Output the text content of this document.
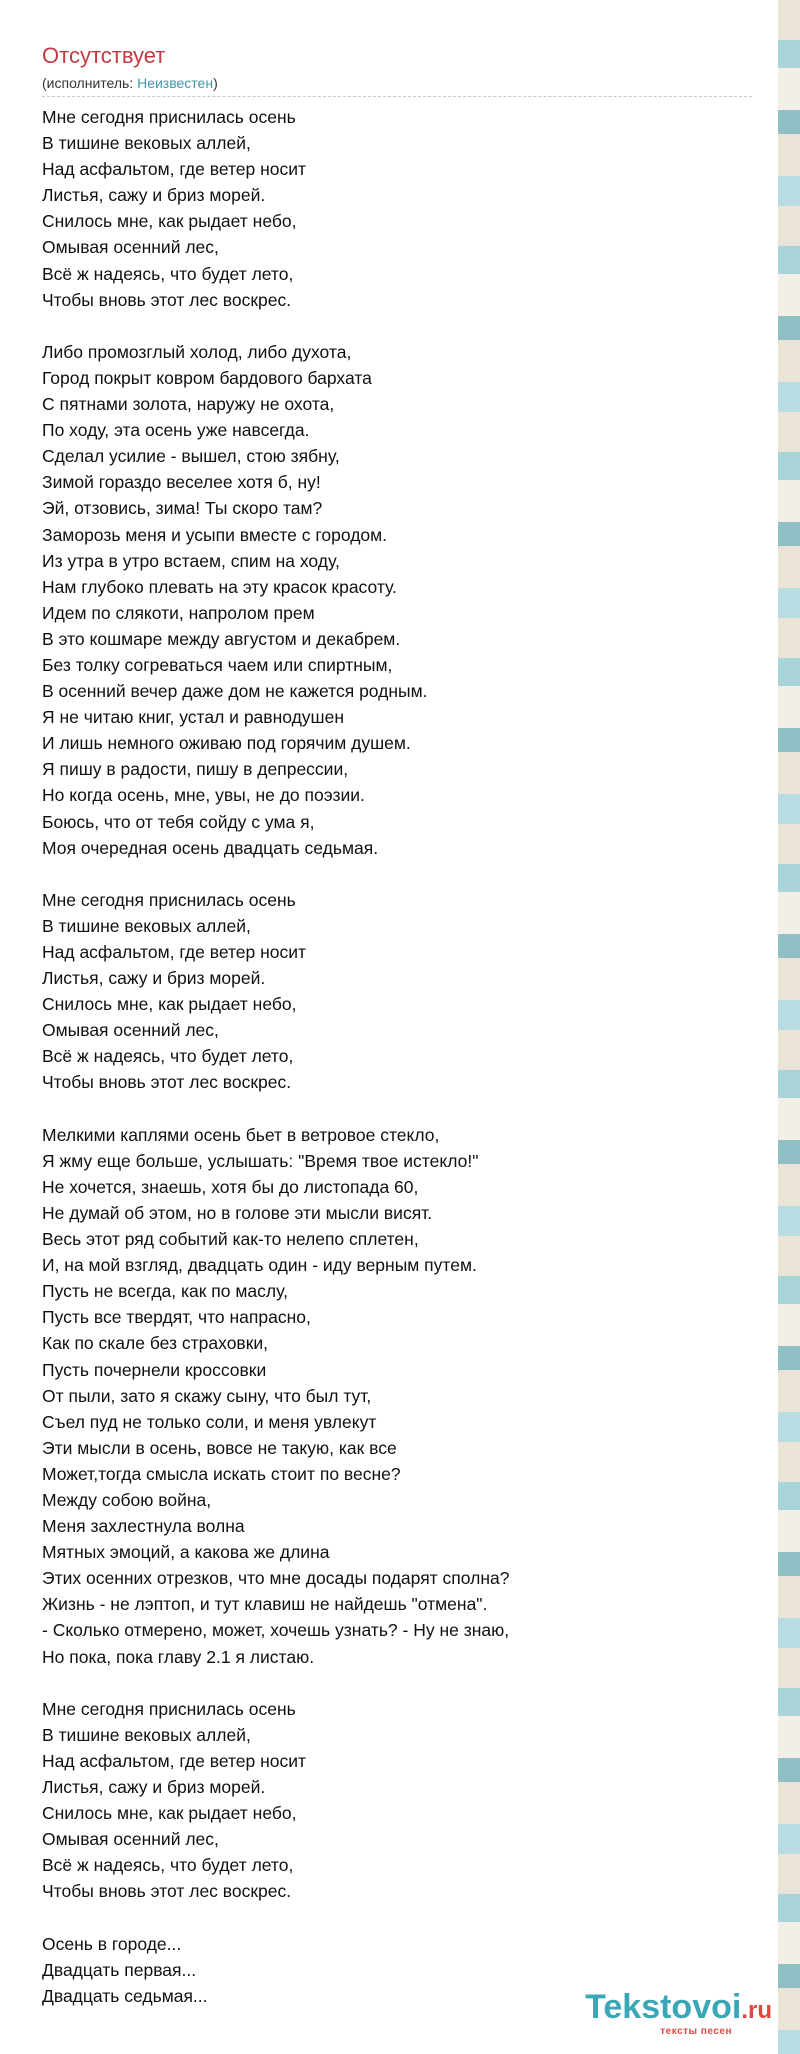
Отсутствует
(исполнитель: Неизвестен)
Мне сегодня приснилась осень
В тишине вековых аллей,
Над асфальтом, где ветер носит
Листья, сажу и бриз морей.
Снилось мне, как рыдает небо,
Омывая осенний лес,
Всё ж надеясь, что будет лето,
Чтобы вновь этот лес воскрес.

Либо промозглый холод, либо духота,
Город покрыт ковром бардового бархата
С пятнами золота, наружу не охота,
По ходу, эта осень уже навсегда.
Сделал усилие - вышел, стою зябну,
Зимой гораздо веселее хотя б, ну!
Эй, отзовись, зима! Ты скоро там?
Заморозь меня и усыпи вместе с городом.
Из утра в утро встаем, спим на ходу,
Нам глубоко плевать на эту красок красоту.
Идем по слякоти, напролом прем
В это кошмаре между августом и декабрем.
Без толку согреваться чаем или спиртным,
В осенний вечер даже дом не кажется родным.
Я не читаю книг, устал и равнодушен
И лишь немного оживаю под горячим душем.
Я пишу в радости, пишу в депрессии,
Но когда осень, мне, увы, не до поэзии.
Боюсь, что от тебя сойду с ума я,
Моя очередная осень двадцать седьмая.

Мне сегодня приснилась осень
В тишине вековых аллей,
Над асфальтом, где ветер носит
Листья, сажу и бриз морей.
Снилось мне, как рыдает небо,
Омывая осенний лес,
Всё ж надеясь, что будет лето,
Чтобы вновь этот лес воскрес.

Мелкими каплями осень бьет в ветровое стекло,
Я жму еще больше, услышать: "Время твое истекло!"
Не хочется, знаешь, хотя бы до листопада 60,
Не думай об этом, но в голове эти мысли висят.
Весь этот ряд событий как-то нелепо сплетен,
И, на мой взгляд, двадцать один - иду верным путем.
Пусть не всегда, как по маслу,
Пусть все твердят, что напрасно,
Как по скале без страховки,
Пусть почернели кроссовки
От пыли, зато я скажу сыну, что был тут,
Съел пуд не только соли, и меня увлекут
Эти мысли в осень, вовсе не такую, как все
Может,тогда смысла искать стоит по весне?
Между собою война,
Меня захлестнула волна
Мятных эмоций, а какова же длина
Этих осенних отрезков, что мне досады подарят сполна?
Жизнь - не лэптоп, и тут клавиш не найдешь "отмена".
- Сколько отмерено, может, хочешь узнать? - Ну не знаю,
Но пока, пока главу 2.1 я листаю.

Мне сегодня приснилась осень
В тишине вековых аллей,
Над асфальтом, где ветер носит
Листья, сажу и бриз морей.
Снилось мне, как рыдает небо,
Омывая осенний лес,
Всё ж надеясь, что будет лето,
Чтобы вновь этот лес воскрес.

Осень в городе...
Двадцать первая...
Двадцать седьмая...	Tekstovoi.ru
тексты песен
